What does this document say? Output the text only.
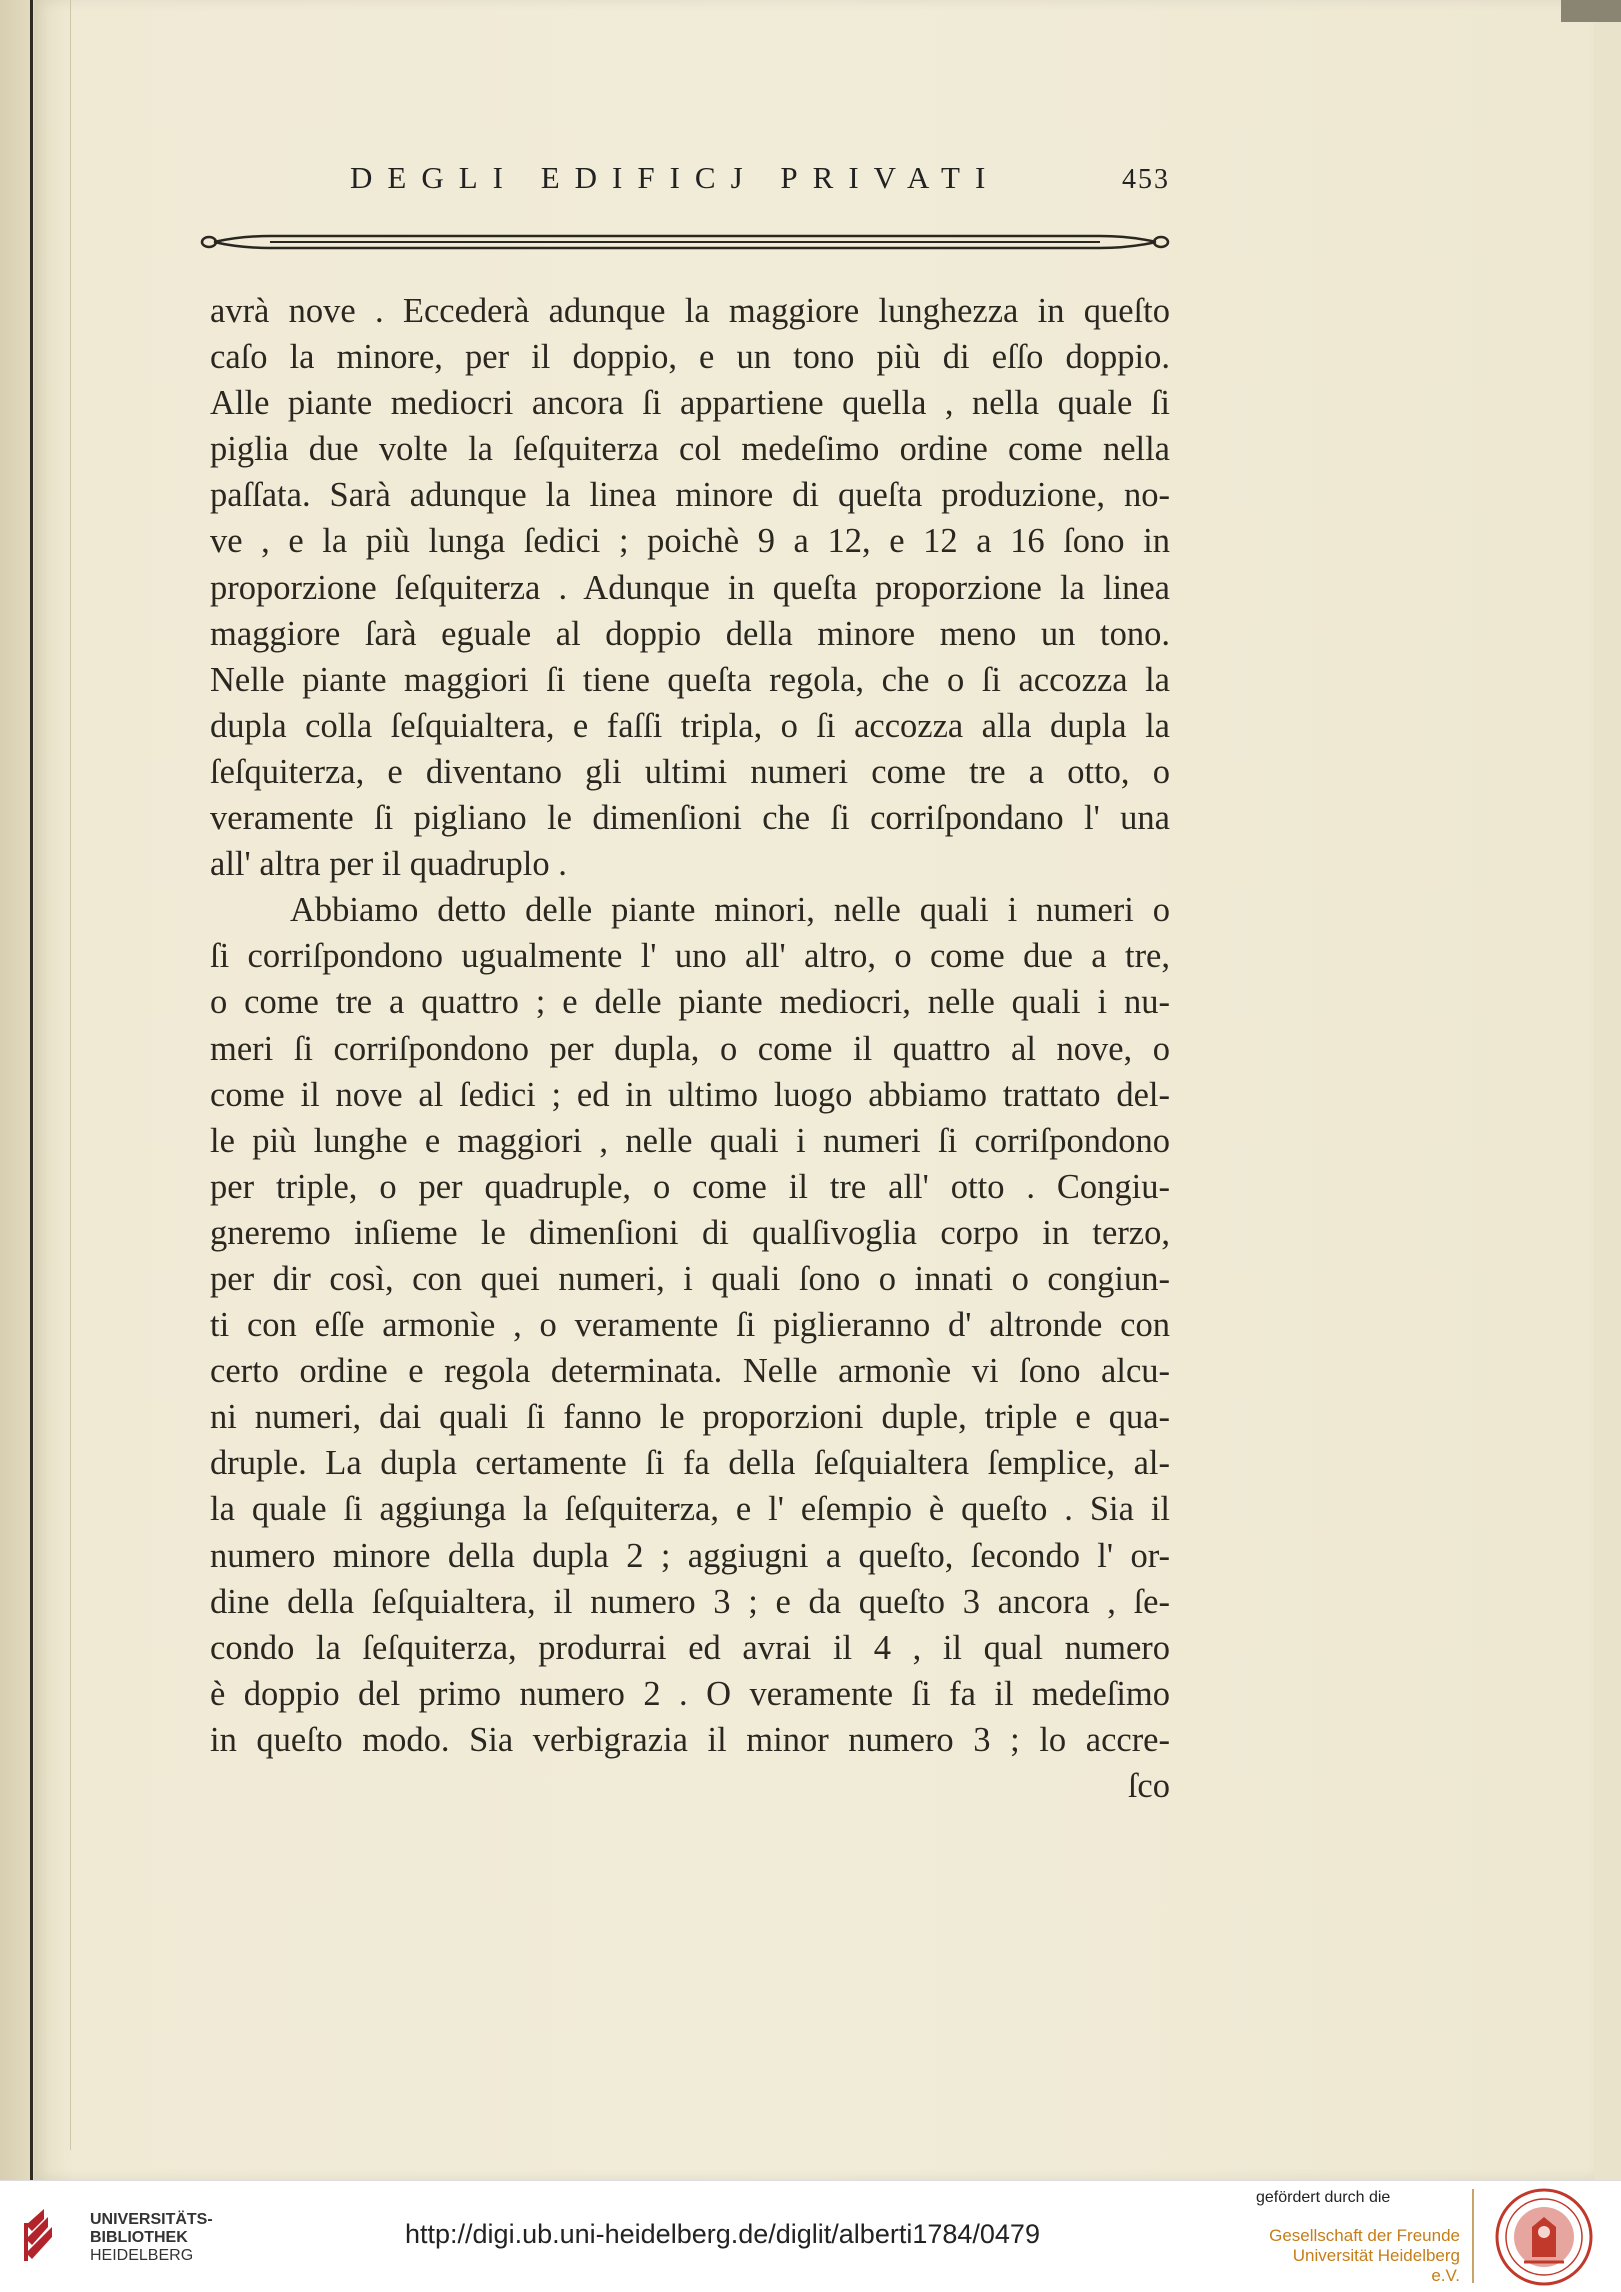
DEGLI EDIFICJ PRIVATI	453
avrà nove . Eccederà adunque la maggiore lunghezza in queſto
caſo la minore, per il doppio, e un tono più di eſſo doppio.
Alle piante mediocri ancora ſi appartiene quella , nella quale ſi
piglia due volte la ſeſquiterza col medeſimo ordine come nella
paſſata. Sarà adunque la linea minore di queſta produzione, no-
ve , e la più lunga ſedici ; poichè 9 a 12, e 12 a 16 ſono in
proporzione ſeſquiterza . Adunque in queſta proporzione la linea
maggiore ſarà eguale al doppio della minore meno un tono.
Nelle piante maggiori ſi tiene queſta regola, che o ſi accozza la
dupla colla ſeſquialtera, e faſſi tripla, o ſi accozza alla dupla la
ſeſquiterza, e diventano gli ultimi numeri come tre a otto, o
veramente ſi pigliano le dimenſioni che ſi corriſpondano l' una
all' altra per il quadruplo .
Abbiamo detto delle piante minori, nelle quali i numeri o
ſi corriſpondono ugualmente l' uno all' altro, o come due a tre,
o come tre a quattro ; e delle piante mediocri, nelle quali i nu-
meri ſi corriſpondono per dupla, o come il quattro al nove, o
come il nove al ſedici ; ed in ultimo luogo abbiamo trattato del-
le più lunghe e maggiori , nelle quali i numeri ſi corriſpondono
per triple, o per quadruple, o come il tre all' otto . Congiu-
gneremo inſieme le dimenſioni di qualſivoglia corpo in terzo,
per dir così, con quei numeri, i quali ſono o innati o congiun-
ti con eſſe armonìe , o veramente ſi piglieranno d' altronde con
certo ordine e regola determinata. Nelle armonìe vi ſono alcu-
ni numeri, dai quali ſi fanno le proporzioni duple, triple e qua-
druple. La dupla certamente ſi fa della ſeſquialtera ſemplice, al-
la quale ſi aggiunga la ſeſquiterza, e l' eſempio è queſto . Sia il
numero minore della dupla 2 ; aggiugni a queſto, ſecondo l' or-
dine della ſeſquialtera, il numero 3 ; e da queſto 3 ancora , ſe-
condo la ſeſquiterza, produrrai ed avrai il 4 , il qual numero
è doppio del primo numero 2 . O veramente ſi fa il medeſimo
in queſto modo. Sia verbigrazia il minor numero 3 ; lo accre-
ſco
UNIVERSITÄTS-
BIBLIOTHEK
HEIDELBERG
http://digi.ub.uni-heidelberg.de/diglit/alberti1784/0479
gefördert durch die
Gesellschaft der Freunde
Universität Heidelberg e.V.
